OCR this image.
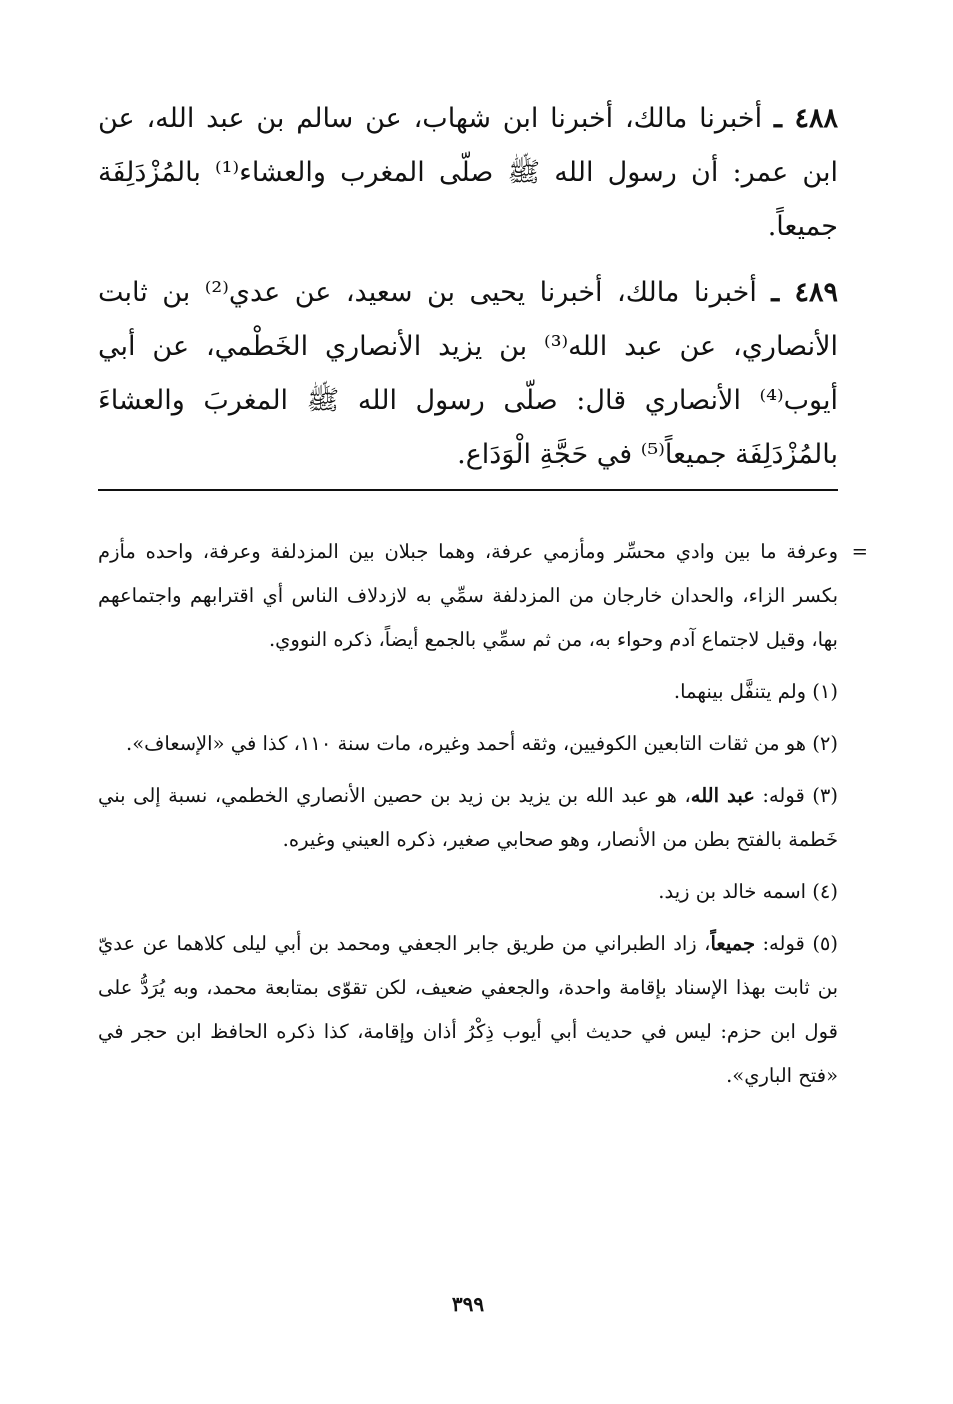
٤٨٨ ـ أخبرنا مالك، أخبرنا ابن شهاب، عن سالم بن عبد الله، عن ابن عمر: أن رسول الله ﷺ صلّى المغرب والعشاء⁽¹⁾ بالمُزْدَلِفَة جميعاً.

٤٨٩ ـ أخبرنا مالك، أخبرنا يحيى بن سعيد، عن عدي⁽²⁾ بن ثابت الأنصاري، عن عبد الله⁽³⁾ بن يزيد الأنصاري الخَطْمي، عن أبي أيوب⁽⁴⁾ الأنصاري قال: صلّى رسول الله ﷺ المغربَ والعشاءَ بالمُزْدَلِفَة جميعاً⁽⁵⁾ في حَجَّةِ الْوَدَاع.

=

وعرفة ما بين وادي محسِّر ومأزمي عرفة، وهما جبلان بين المزدلفة وعرفة، واحده مأزم بكسر الزاء، والحدان خارجان من المزدلفة سمِّي به لازدلاف الناس أي اقترابهم واجتماعهم بها، وقيل لاجتماع آدم وحواء به، من ثم سمِّي بالجمع أيضاً، ذكره النووي.

(١) ولم يتنفَّل بينهما.

(٢) هو من ثقات التابعين الكوفيين، وثقه أحمد وغيره، مات سنة ١١٠، كذا في «الإسعاف».

(٣) قوله: عبد الله، هو عبد الله بن يزيد بن زيد بن حصين الأنصاري الخطمي، نسبة إلى بني خَطمة بالفتح بطن من الأنصار، وهو صحابي صغير، ذكره العيني وغيره.

(٤) اسمه خالد بن زيد.

(٥) قوله: جميعاً، زاد الطبراني من طريق جابر الجعفي ومحمد بن أبي ليلى كلاهما عن عديّ بن ثابت بهذا الإسناد بإقامة واحدة، والجعفي ضعيف، لكن تقوّى بمتابعة محمد، وبه يُرَدُّ على قول ابن حزم: ليس في حديث أبي أيوب ذِكْرُ أذان وإقامة، كذا ذكره الحافظ ابن حجر في «فتح الباري».

٣٩٩
